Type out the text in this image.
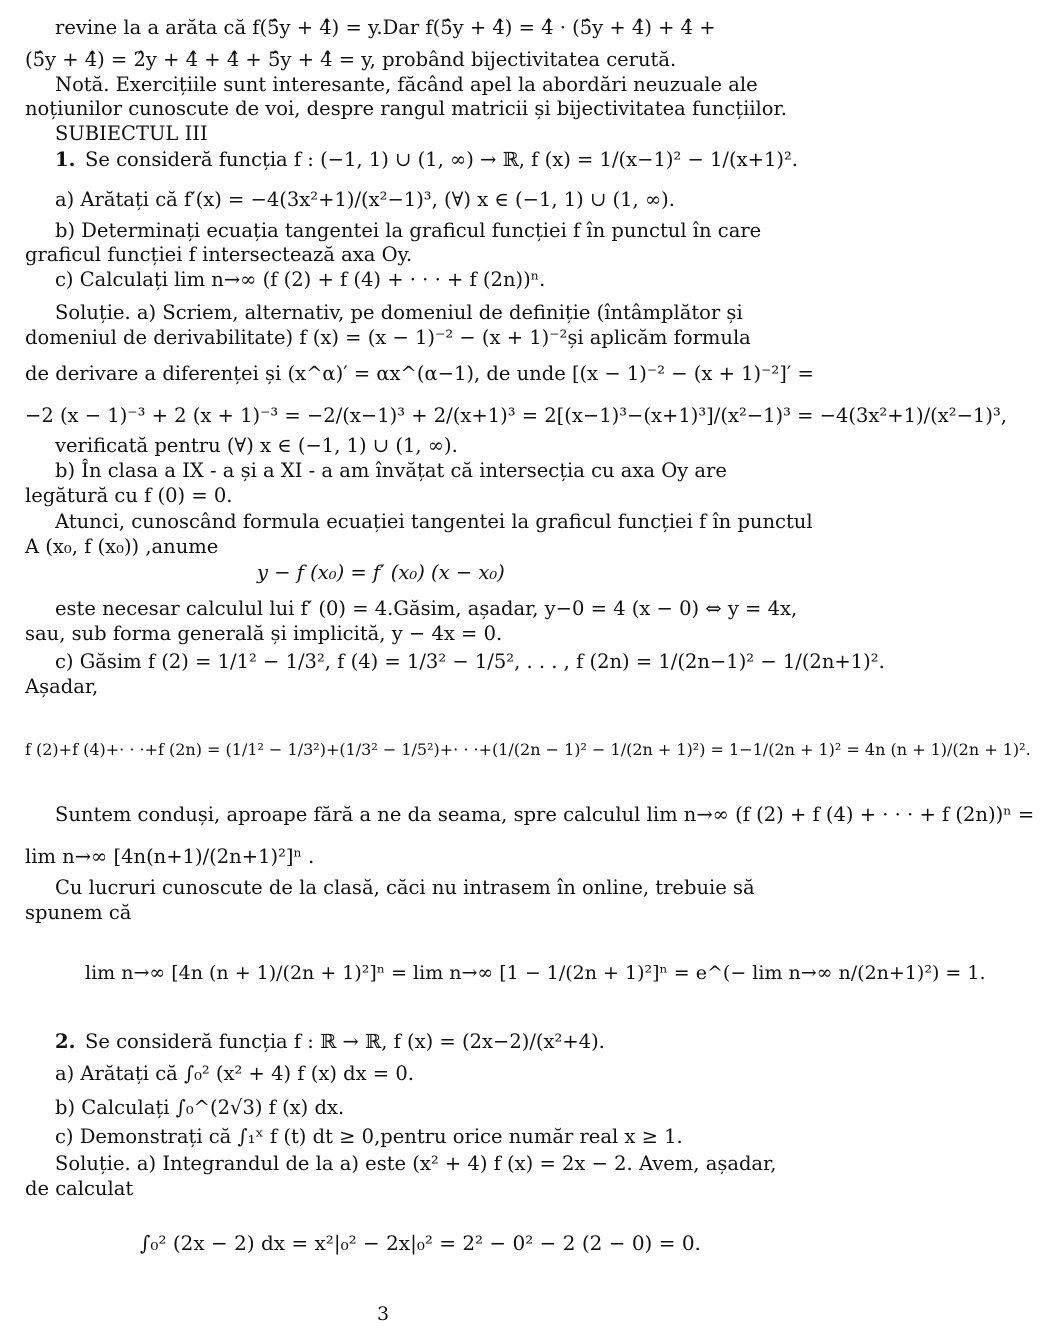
revine la a arăta că f(5̂y + 4̂) = y.Dar f(5̂y + 4̂) = 4̂ · (5̂y + 4̂) + 4̂ +
(5̂y + 4̂) = 2̂y + 4̂ + 4̂ + 5̂y + 4̂ = y, probând bijectivitatea cerută.
Notă. Exercițiile sunt interesante, făcând apel la abordări neuzuale ale
noțiunilor cunoscute de voi, despre rangul matricii și bijectivitatea funcțiilor.
SUBIECTUL III
1. Se consideră funcția f : (−1, 1) ∪ (1, ∞) → ℝ, f (x) = 1/(x−1)² − 1/(x+1)².
a) Arătați că f′(x) = −4(3x²+1)/(x²−1)³, (∀) x ∈ (−1, 1) ∪ (1, ∞).
b) Determinați ecuația tangentei la graficul funcției f în punctul în care
graficul funcției f intersectează axa Oy.
c) Calculați lim n→∞ (f (2) + f (4) + · · · + f (2n))ⁿ.
Soluție. a) Scriem, alternativ, pe domeniul de definiție (întâmplător și
domeniul de derivabilitate) f (x) = (x − 1)⁻² − (x + 1)⁻²și aplicăm formula
de derivare a diferenței și (x^α)′ = αx^(α−1), de unde [(x − 1)⁻² − (x + 1)⁻²]′ =
−2 (x − 1)⁻³ + 2 (x + 1)⁻³ = −2/(x−1)³ + 2/(x+1)³ = 2[(x−1)³−(x+1)³]/(x²−1)³ = −4(3x²+1)/(x²−1)³,
verificată pentru (∀) x ∈ (−1, 1) ∪ (1, ∞).
b) În clasa a IX - a și a XI - a am învățat că intersecția cu axa Oy are
legătură cu f (0) = 0.
Atunci, cunoscând formula ecuației tangentei la graficul funcției f în punctul
A (x₀, f (x₀)) ,anume
y − f (x₀) = f′ (x₀) (x − x₀)
este necesar calculul lui f′ (0) = 4.Găsim, așadar, y−0 = 4 (x − 0) ⇔ y = 4x,
sau, sub forma generală și implicită, y − 4x = 0.
c) Găsim f (2) = 1/1² − 1/3², f (4) = 1/3² − 1/5², . . . , f (2n) = 1/(2n−1)² − 1/(2n+1)².
Așadar,
f (2)+f (4)+· · ·+f (2n) = (1/1² − 1/3²)+(1/3² − 1/5²)+· · ·+(1/(2n − 1)² − 1/(2n + 1)²) = 1−1/(2n + 1)² = 4n (n + 1)/(2n + 1)².
Suntem conduși, aproape fără a ne da seama, spre calculul lim n→∞ (f (2) + f (4) + · · · + f (2n))ⁿ =
lim n→∞ [4n(n+1)/(2n+1)²]ⁿ .
Cu lucruri cunoscute de la clasă, căci nu intrasem în online, trebuie să
spunem că
lim n→∞ [4n (n + 1)/(2n + 1)²]ⁿ = lim n→∞ [1 − 1/(2n + 1)²]ⁿ = e^(− lim n→∞ n/(2n+1)²) = 1.
2. Se consideră funcția f : ℝ → ℝ, f (x) = (2x−2)/(x²+4).
a) Arătați că ∫₀² (x² + 4) f (x) dx = 0.
b) Calculați ∫₀^(2√3) f (x) dx.
c) Demonstrați că ∫₁ˣ f (t) dt ≥ 0,pentru orice număr real x ≥ 1.
Soluție. a) Integrandul de la a) este (x² + 4) f (x) = 2x − 2. Avem, așadar,
de calculat
∫₀² (2x − 2) dx = x²|₀² − 2x|₀² = 2² − 0² − 2 (2 − 0) = 0.
3
